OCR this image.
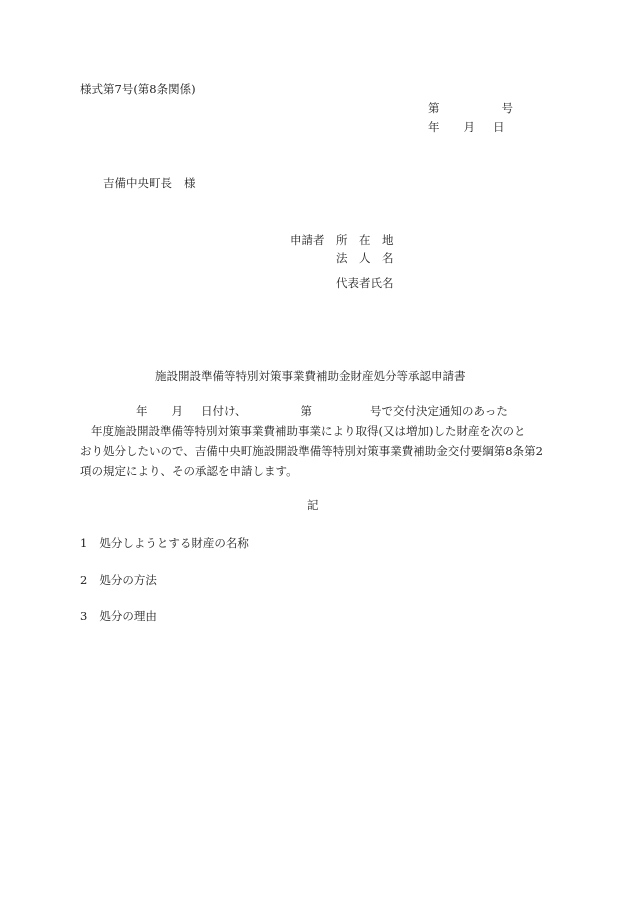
様式第7号(第8条関係)
第	号
年 月 日
吉備中央町長 様
申請者 所　在　地
法　人　名
代表者氏名
施設開設準備等特別対策事業費補助金財産処分等承認申請書
年 月 日付け、	第	号で交付決定通知のあった
年度施設開設準備等特別対策事業費補助事業により取得(又は増加)した財産を次のと
おり処分したいので、吉備中央町施設開設準備等特別対策事業費補助金交付要綱第8条第2
項の規定により、その承認を申請します。
記
1 処分しようとする財産の名称
2 処分の方法
3 処分の理由
